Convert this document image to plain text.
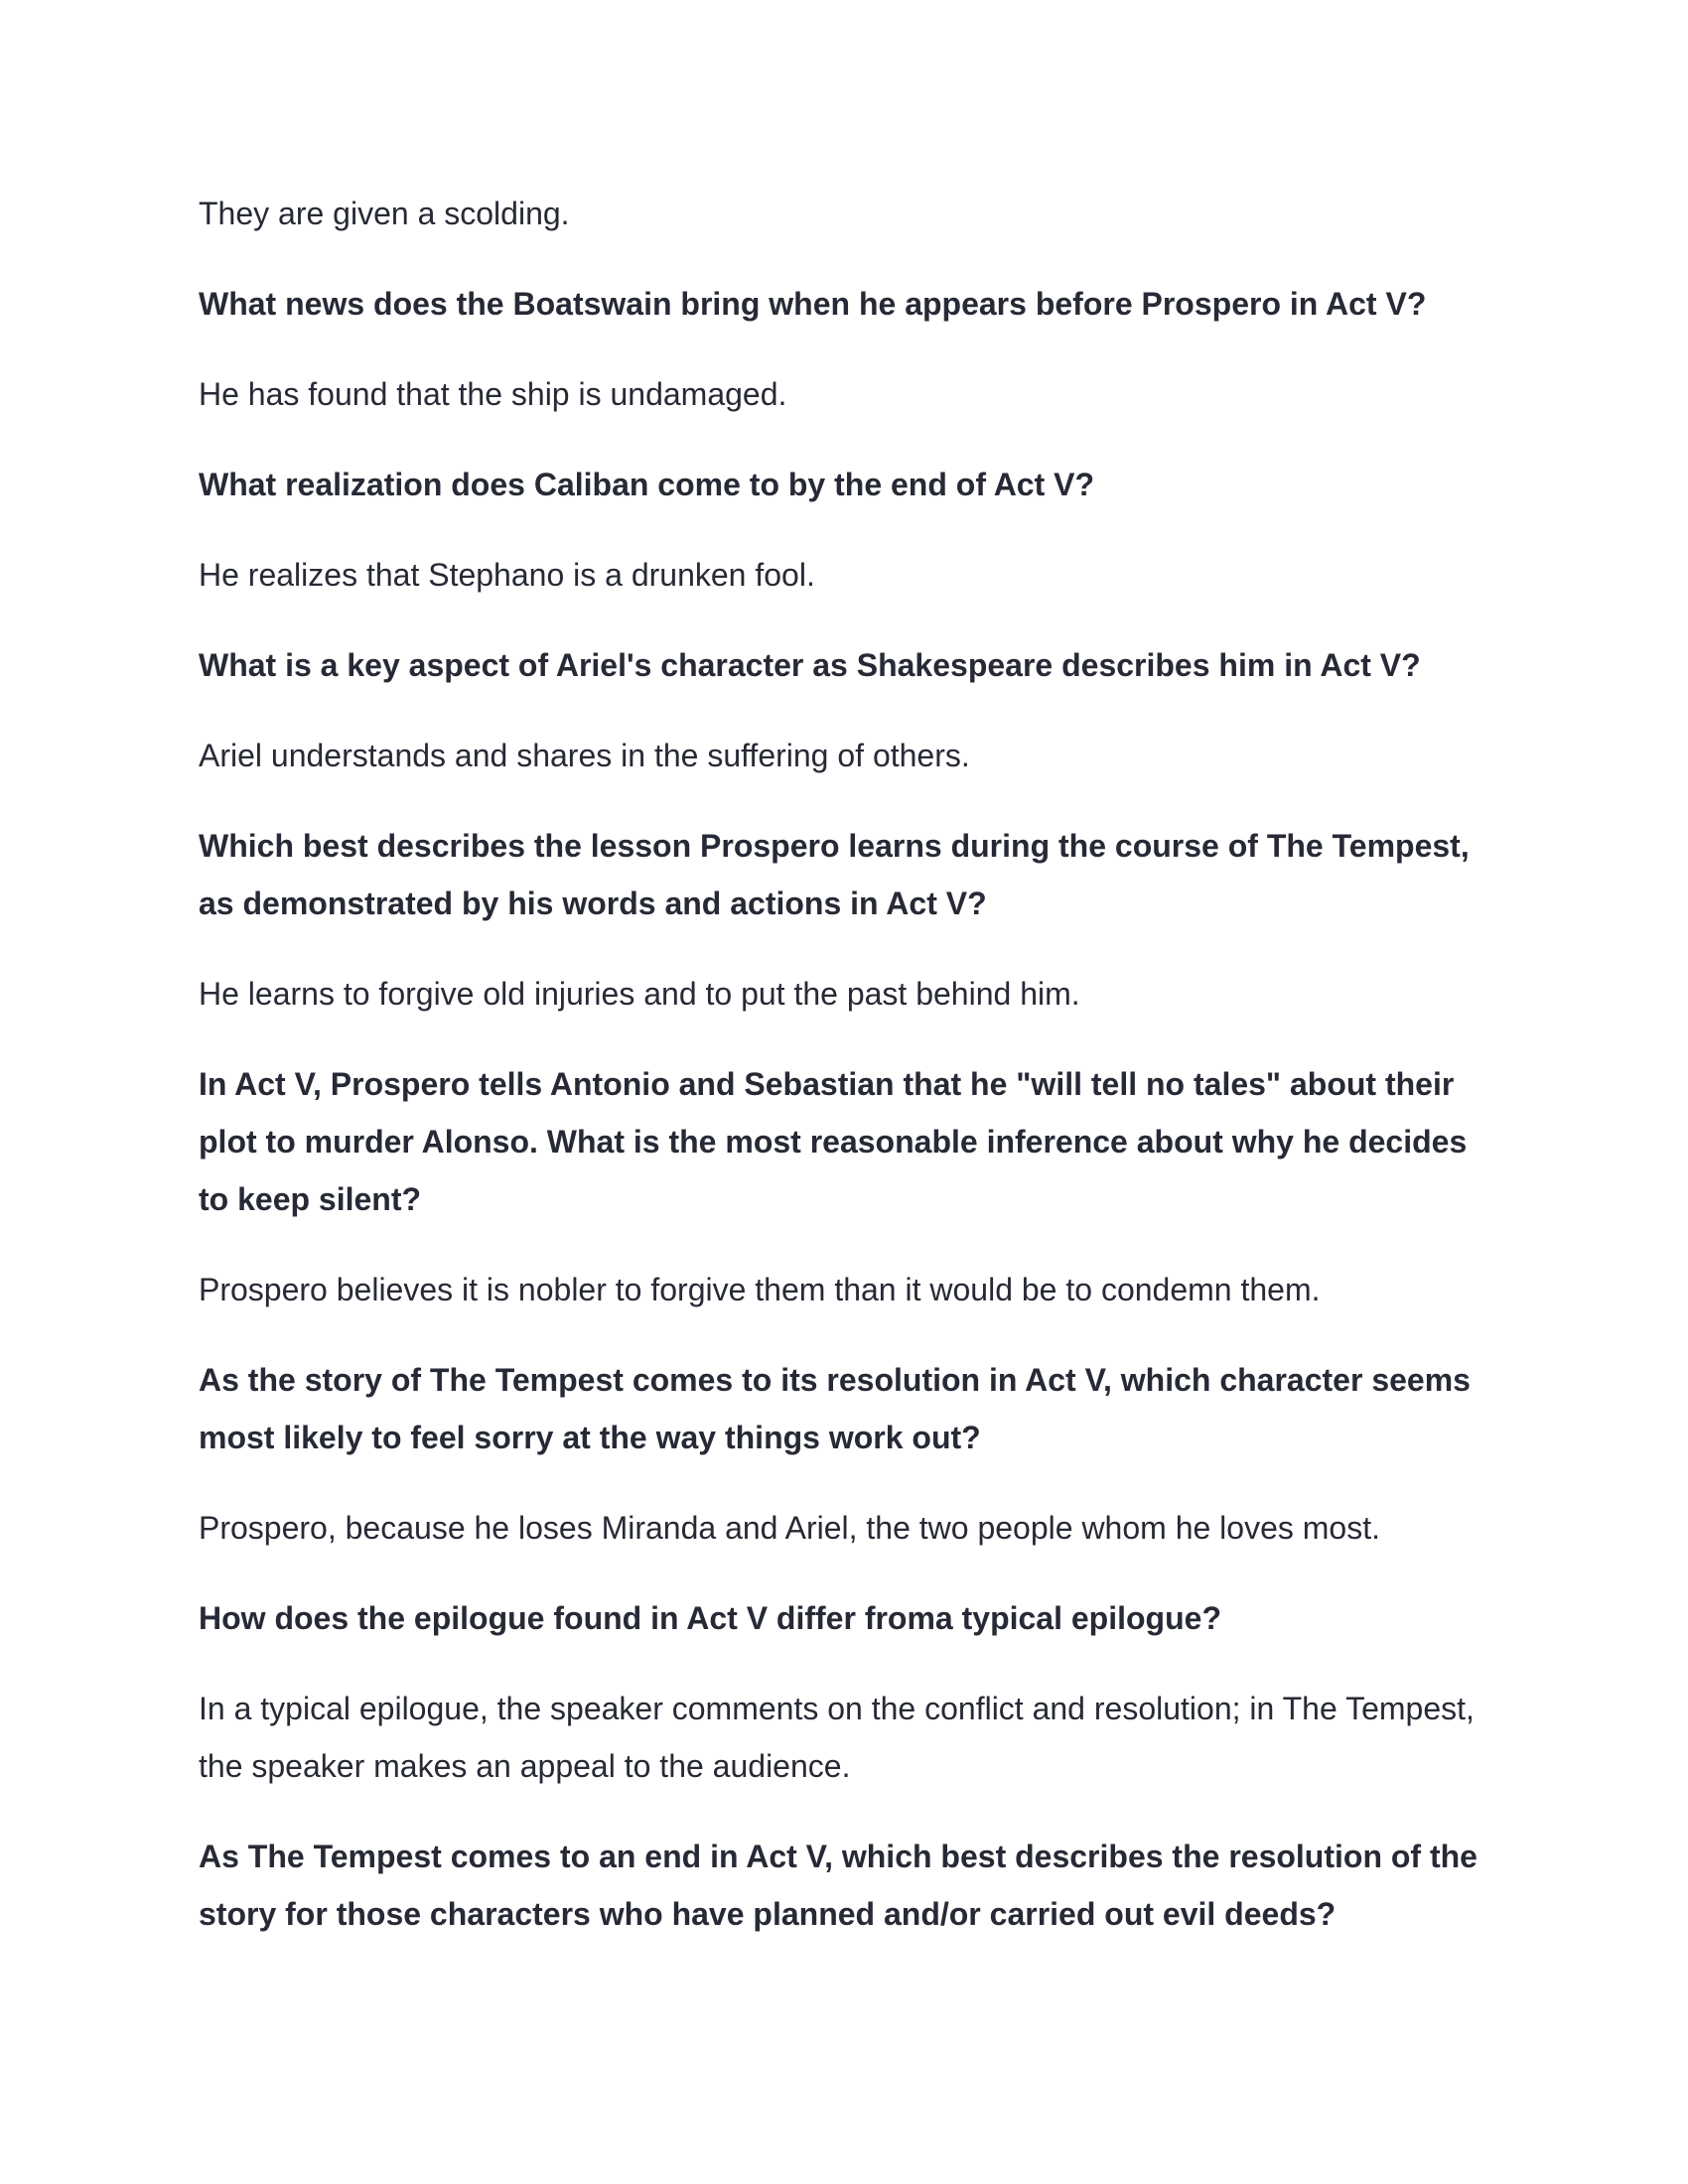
They are given a scolding.

What news does the Boatswain bring when he appears before Prospero in Act V?

He has found that the ship is undamaged.

What realization does Caliban come to by the end of Act V?

He realizes that Stephano is a drunken fool.

What is a key aspect of Ariel's character as Shakespeare describes him in Act V?

Ariel understands and shares in the suffering of others.

Which best describes the lesson Prospero learns during the course of The Tempest, as demonstrated by his words and actions in Act V?

He learns to forgive old injuries and to put the past behind him.

In Act V, Prospero tells Antonio and Sebastian that he "will tell no tales" about their plot to murder Alonso. What is the most reasonable inference about why he decides to keep silent?

Prospero believes it is nobler to forgive them than it would be to condemn them.

As the story of The Tempest comes to its resolution in Act V, which character seems most likely to feel sorry at the way things work out?

Prospero, because he loses Miranda and Ariel, the two people whom he loves most.

How does the epilogue found in Act V differ froma typical epilogue?

In a typical epilogue, the speaker comments on the conflict and resolution; in The Tempest, the speaker makes an appeal to the audience.

As The Tempest comes to an end in Act V, which best describes the resolution of the story for those characters who have planned and/or carried out evil deeds?
